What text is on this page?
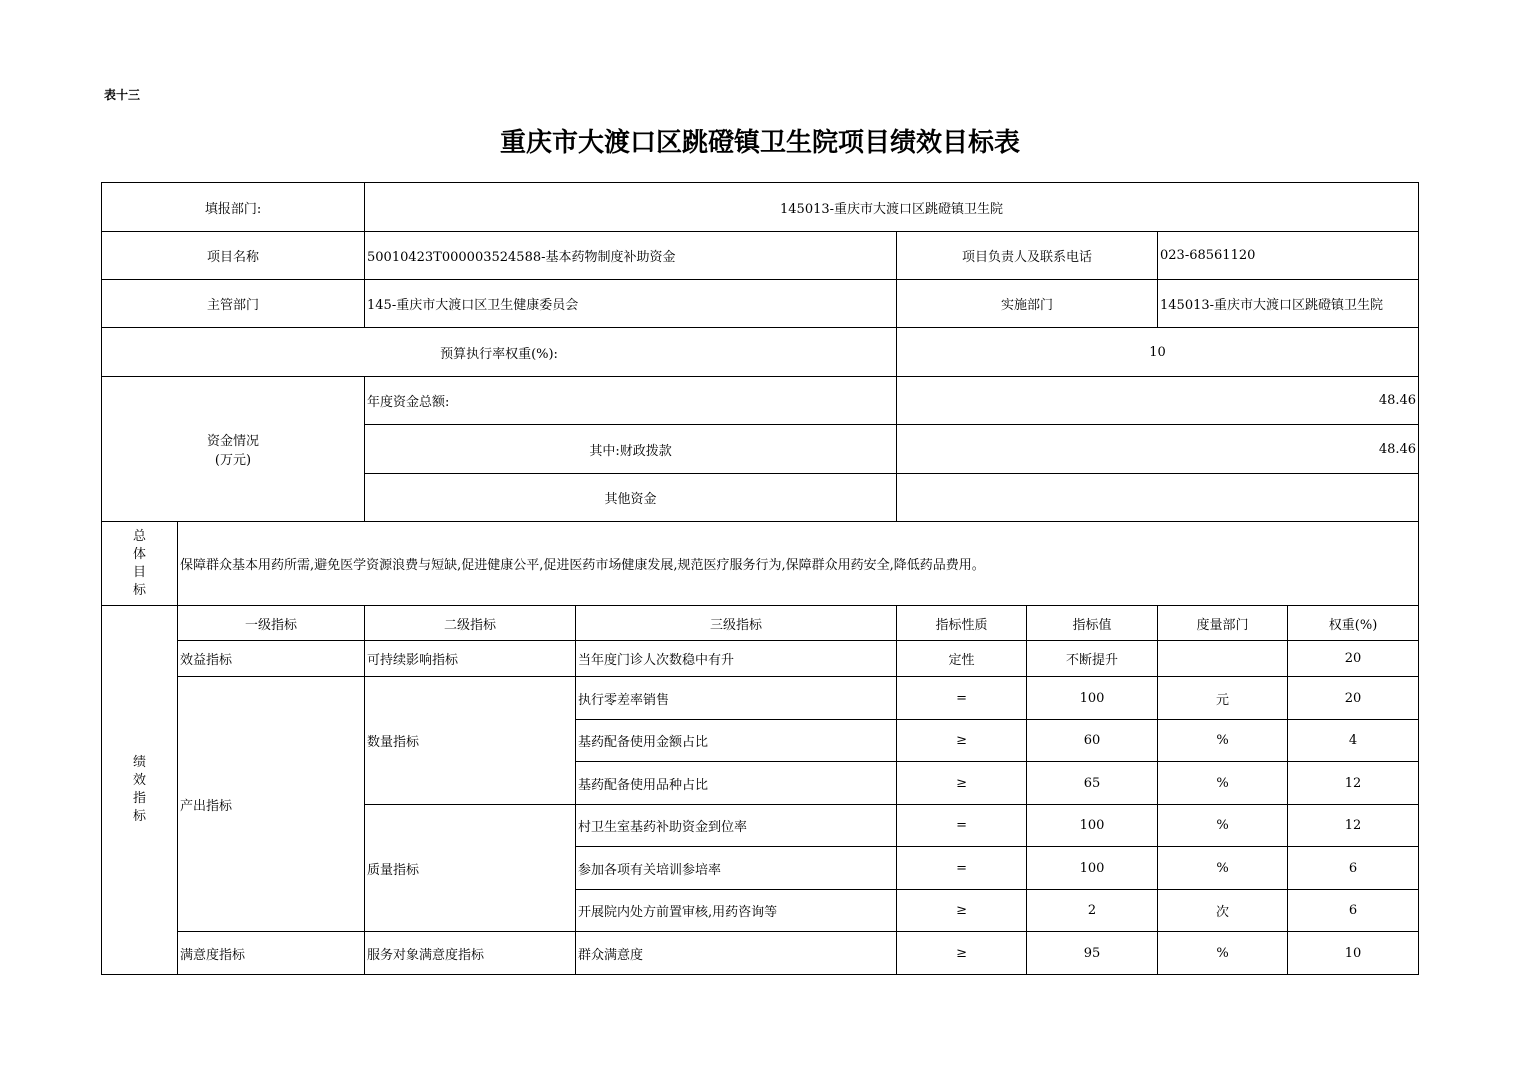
表十三
重庆市大渡口区跳磴镇卫生院项目绩效目标表
填报部门:		145013-重庆市大渡口区跳磴镇卫生院					
项目名称		50010423T000003524588-基本药物制度补助资金		项目负责人及联系电话		023-68561120	
主管部门		145-重庆市大渡口区卫生健康委员会		实施部门		145013-重庆市大渡口区跳磴镇卫生院	
预算执行率权重(%):				10			

资金情况
(万元)		年度资金总额:		48.46			
		其中:财政拨款		48.46			
		其他资金					

总
体
目
标	保障群众基本用药所需,避免医学资源浪费与短缺,促进健康公平,促进医药市场健康发展,规范医疗服务行为,保障群众用药安全,降低药品费用。						

绩
效
指
标	一级指标	二级指标	三级指标	指标性质	指标值	度量部门	权重(%)
	效益指标	可持续影响指标	当年度门诊人次数稳中有升	定性	不断提升		20
	产出指标	数量指标	执行零差率销售	=	100	元	20
			基药配备使用金额占比	≥	60	%	4
			基药配备使用品种占比	≥	65	%	12
		质量指标	村卫生室基药补助资金到位率	=	100	%	12
			参加各项有关培训参培率	=	100	%	6
			开展院内处方前置审核,用药咨询等	≥	2	次	6
	满意度指标	服务对象满意度指标	群众满意度	≥	95	%	10
